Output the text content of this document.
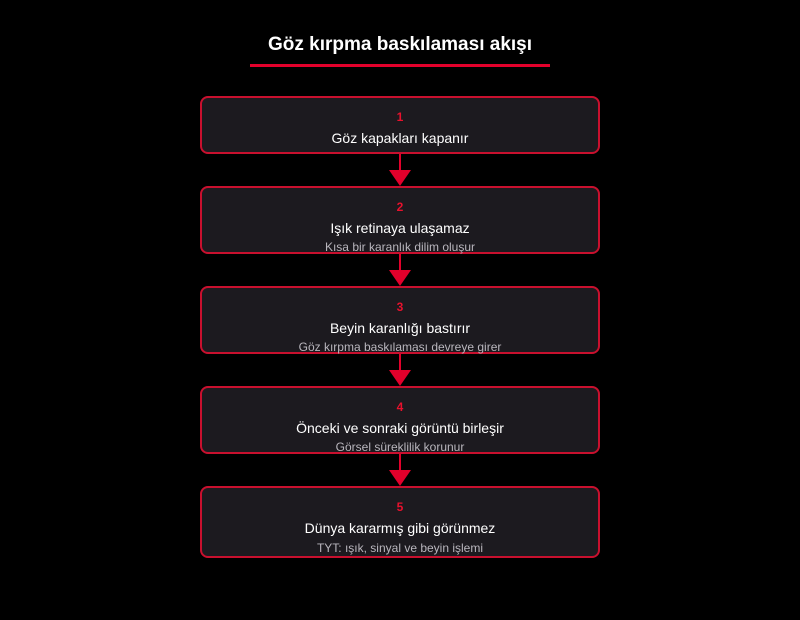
Göz kırpma baskılaması akışı
1
Göz kapakları kapanır
2
Işık retinaya ulaşamaz
Kısa bir karanlık dilim oluşur
3
Beyin karanlığı bastırır
Göz kırpma baskılaması devreye girer
4
Önceki ve sonraki görüntü birleşir
Görsel süreklilik korunur
5
Dünya kararmış gibi görünmez
TYT: ışık, sinyal ve beyin işlemi
